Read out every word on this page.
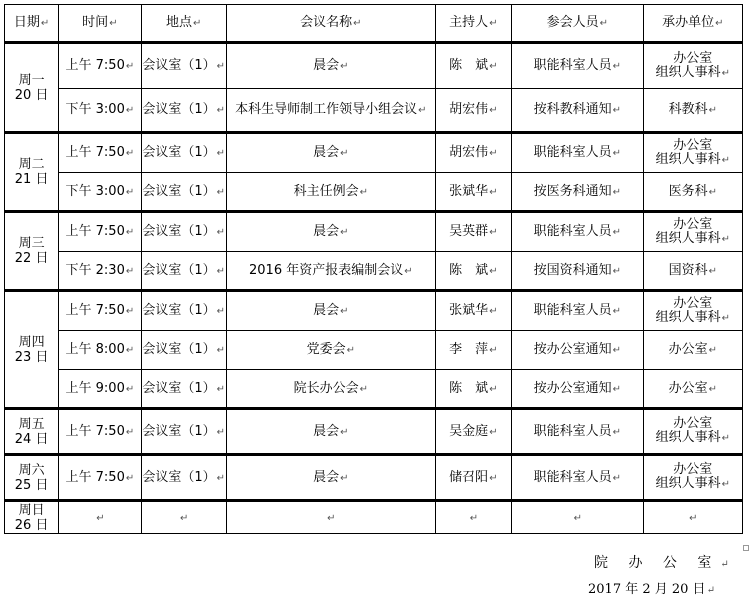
日期↵	时间↵	地点↵	会议名称↵	主持人↵	参会人员↵	承办单位↵

周一
20 日	上午 7:50↵	会议室（1）↵	晨会↵	陈　斌↵	职能科室人员↵	办公室
组织人事科↵

	下午 3:00↵	会议室（1）↵	本科生导师制工作领导小组会议↵	胡宏伟↵	按科教科通知↵	科教科↵

周二
21 日	上午 7:50↵	会议室（1）↵	晨会↵	胡宏伟↵	职能科室人员↵	办公室
组织人事科↵

	下午 3:00↵	会议室（1）↵	科主任例会↵	张斌华↵	按医务科通知↵	医务科↵

周三
22 日	上午 7:50↵	会议室（1）↵	晨会↵	吴英群↵	职能科室人员↵	办公室
组织人事科↵

	下午 2:30↵	会议室（1）↵	2016 年资产报表编制会议↵	陈　斌↵	按国资科通知↵	国资科↵

周四
23 日	上午 7:50↵	会议室（1）↵	晨会↵	张斌华↵	职能科室人员↵	办公室
组织人事科↵

	上午 8:00↵	会议室（1）↵	党委会↵	李　萍↵	按办公室通知↵	办公室↵

	上午 9:00↵	会议室（1）↵	院长办公会↵	陈　斌↵	按办公室通知↵	办公室↵

周五
24 日	上午 7:50↵	会议室（1）↵	晨会↵	吴金庭↵	职能科室人员↵	办公室
组织人事科↵

周六
25 日	上午 7:50↵	会议室（1）↵	晨会↵	储召阳↵	职能科室人员↵	办公室
组织人事科↵

周日
26 日	↵	↵	↵	↵	↵	↵
院 办 公 室↵
2017 年 2 月 20 日↵
